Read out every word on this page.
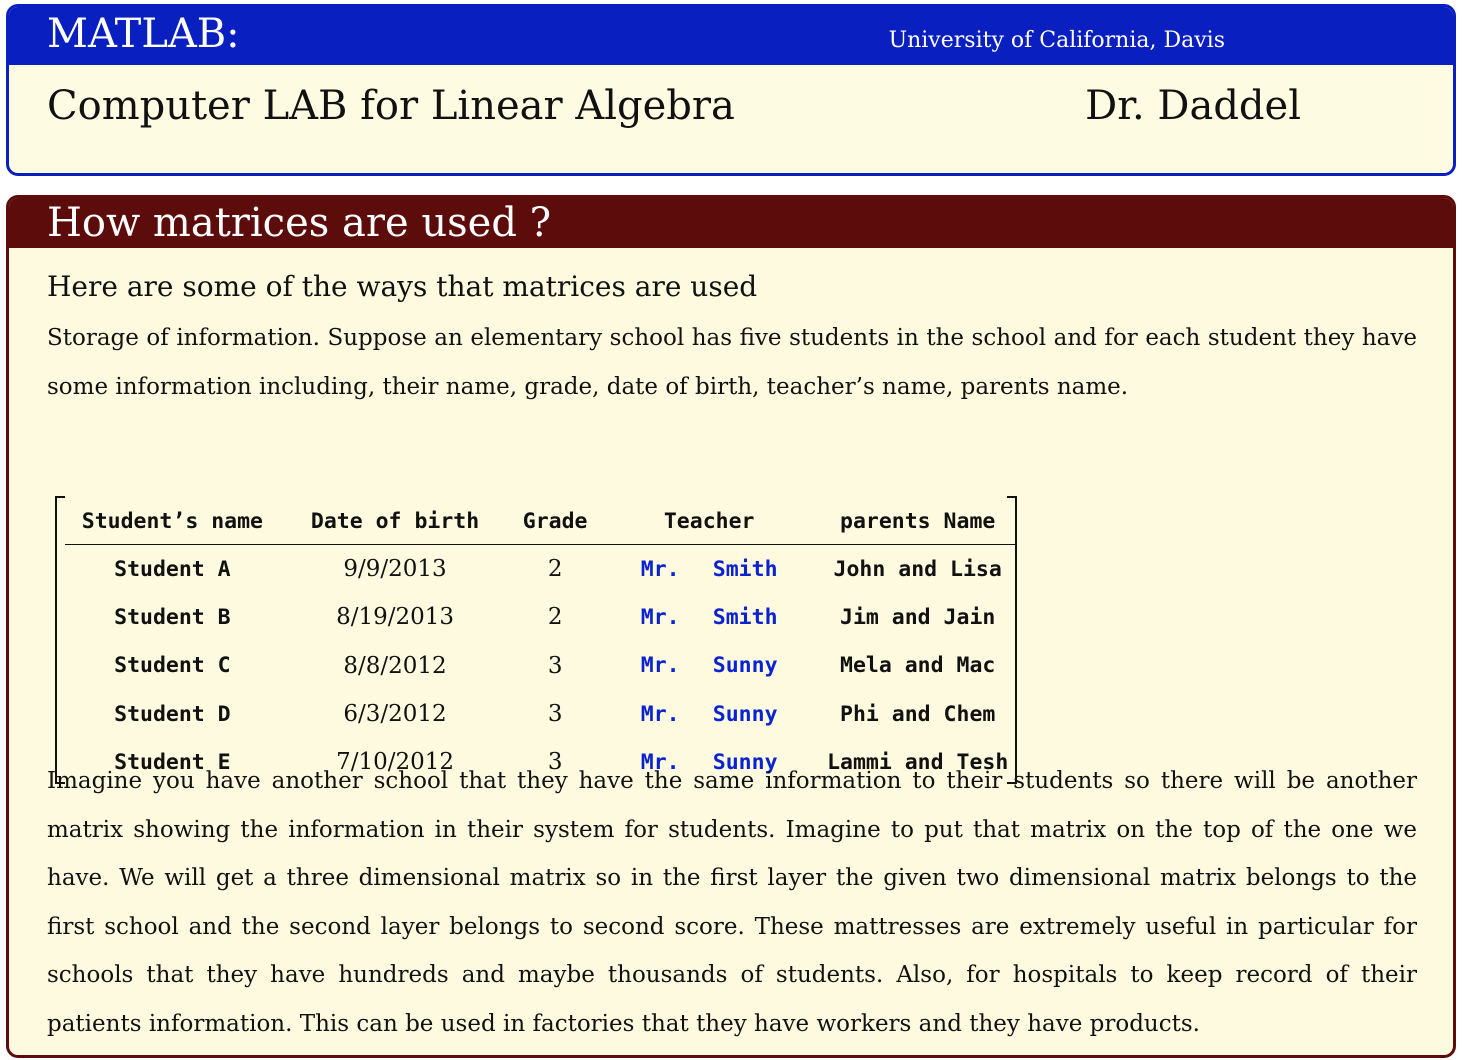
MATLAB:	University of California, Davis
Computer LAB for Linear Algebra	Dr. Daddel
How matrices are used ?
Here are some of the ways that matrices are used

Storage of information. Suppose an elementary school has five students in the school and for each student they have some information including, their name, grade, date of birth, teacher’s name, parents name.

Student’s name	Date of birth	Grade	Teacher	parents Name
Student A	9/9/2013	2	Mr. Smith	John and Lisa
Student B	8/19/2013	2	Mr. Smith	Jim and Jain
Student C	8/8/2012	3	Mr. Sunny	Mela and Mac
Student D	6/3/2012	3	Mr. Sunny	Phi and Chem
Student E	7/10/2012	3	Mr. Sunny	Lammi and Tesh

Imagine you have another school that they have the same information to their students so there will be another matrix showing the information in their system for students. Imagine to put that matrix on the top of the one we have. We will get a three dimensional matrix so in the first layer the given two dimensional matrix belongs to the first school and the second layer belongs to second score. These mattresses are extremely useful in particular for schools that they have hundreds and maybe thousands of students. Also, for hospitals to keep record of their patients information. This can be used in factories that they have workers and they have products.
